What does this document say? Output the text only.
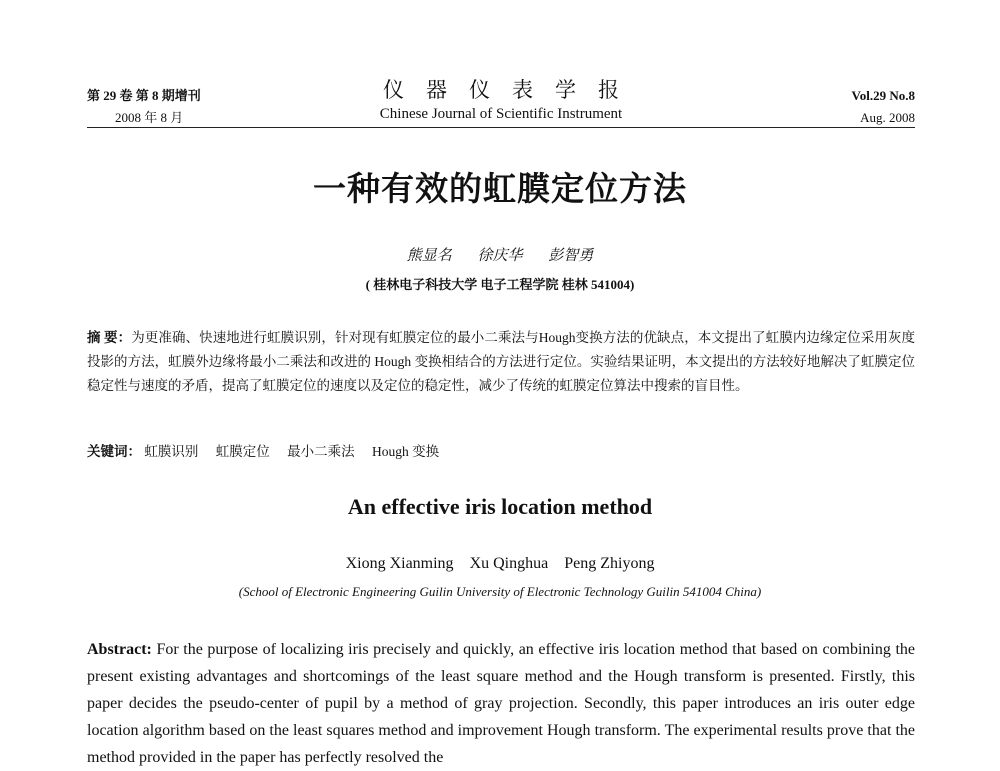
第 29 卷 第 8 期增刊
2008 年 8 月
仪器仪表学报
Chinese Journal of Scientific Instrument
Vol.29 No.8
Aug. 2008
一种有效的虹膜定位方法
熊显名 徐庆华 彭智勇
( 桂林电子科技大学 电子工程学院 桂林 541004)
摘 要：为更准确、快速地进行虹膜识别，针对现有虹膜定位的最小二乘法与Hough变换方法的优缺点，本文提出了虹膜内边缘定位采用灰度投影的方法，虹膜外边缘将最小二乘法和改进的 Hough 变换相结合的方法进行定位。实验结果证明，本文提出的方法较好地解决了虹膜定位稳定性与速度的矛盾，提高了虹膜定位的速度以及定位的稳定性，减少了传统的虹膜定位算法中搜索的盲目性。
关键词： 虹膜识别 虹膜定位 最小二乘法 Hough 变换
An effective iris location method
Xiong Xianming Xu Qinghua Peng Zhiyong
(School of Electronic Engineering Guilin University of Electronic Technology Guilin 541004 China)
Abstract: For the purpose of localizing iris precisely and quickly, an effective iris location method that based on combining the present existing advantages and shortcomings of the least square method and the Hough transform is presented. Firstly, this paper decides the pseudo-center of pupil by a method of gray projection. Secondly, this paper introduces an iris outer edge location algorithm based on the least squares method and improvement Hough transform. The experimental results prove that the method provided in the paper has perfectly resolved the
